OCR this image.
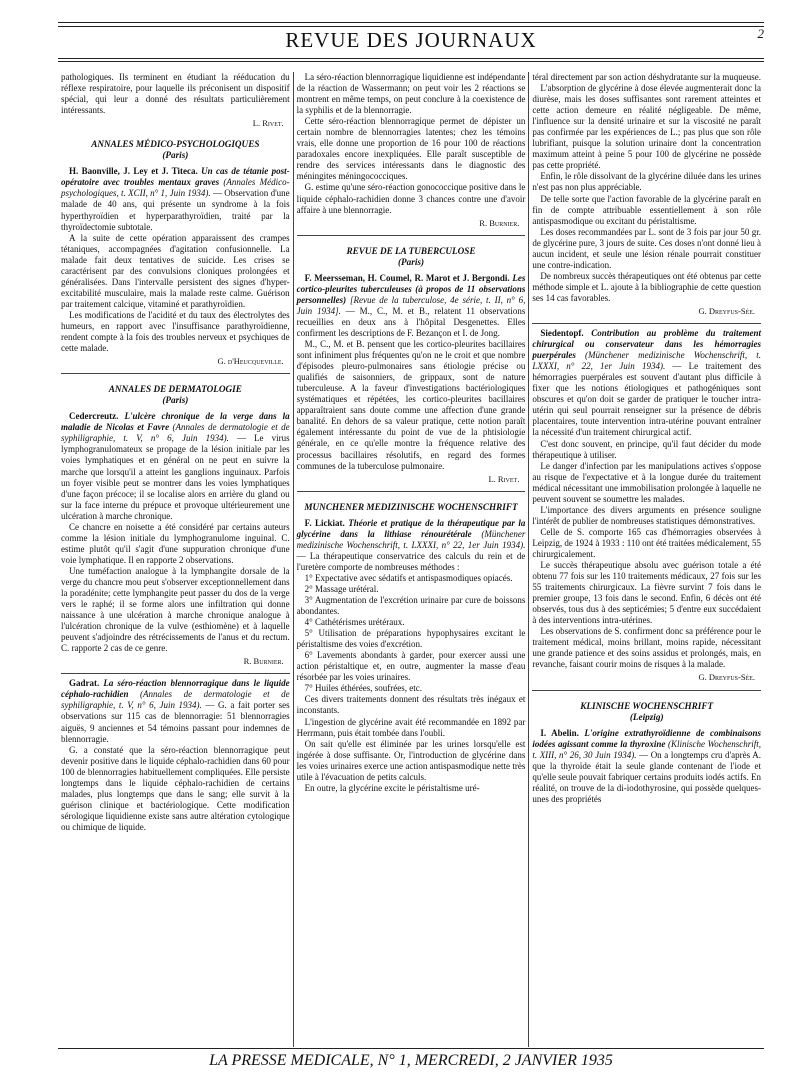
REVUE DES JOURNAUX	2

pathologiques. Ils terminent en étudiant la rééducation du réflexe respiratoire, pour laquelle ils préconisent un dispositif spécial, qui leur a donné des résultats particulièrement intéressants.

L. Rivet.

ANNALES MÉDICO-PSYCHOLOGIQUES
(Paris)

H. Baonville, J. Ley et J. Titeca. Un cas de tétanie post-opératoire avec troubles mentaux graves (Annales Médico-psychologiques, t. XCII, n° 1, Juin 1934). — Observation d'une malade de 40 ans, qui présente un syndrome à la fois hyperthyroïdien et hyperparathyroïdien, traité par la thyroïdectomie subtotale.

A la suite de cette opération apparaissent des crampes tétaniques, accompagnées d'agitation confusionnelle. La malade fait deux tentatives de suicide. Les crises se caractérisent par des convulsions cloniques prolongées et généralisées. Dans l'intervalle persistent des signes d'hyper-excitabilité musculaire, mais la malade reste calme. Guérison par traitement calcique, vitaminé et parathyroïdien.

Les modifications de l'acidité et du taux des électrolytes des humeurs, en rapport avec l'insuffisance parathyroïdienne, rendent compte à la fois des troubles nerveux et psychiques de cette malade.

G. d'Heucqueville.

ANNALES DE DERMATOLOGIE
(Paris)

Cedercreutz. L'ulcère chronique de la verge dans la maladie de Nicolas et Favre (Annales de dermatologie et de syphiligraphie, t. V, n° 6, Juin 1934). — Le virus lymphogranulomateux se propage de la lésion initiale par les voies lymphatiques et en général on ne peut en suivre la marche que lorsqu'il a atteint les ganglions inguinaux. Parfois un foyer visible peut se montrer dans les voies lymphatiques d'une façon précoce; il se localise alors en arrière du gland ou sur la face interne du prépuce et provoque ultérieurement une ulcération à marche chronique.

Ce chancre en noisette a été considéré par certains auteurs comme la lésion initiale du lymphogranulome inguinal. C. estime plutôt qu'il s'agit d'une suppuration chronique d'une voie lymphatique. Il en rapporte 2 observations.

Une tuméfaction analogue à la lymphangite dorsale de la verge du chancre mou peut s'observer exceptionnellement dans la poradénite; cette lymphangite peut passer du dos de la verge vers le raphé; il se forme alors une infiltration qui donne naissance à une ulcération à marche chronique analogue à l'ulcération chronique de la vulve (esthiomène) et à laquelle peuvent s'adjoindre des rétrécissements de l'anus et du rectum. C. rapporte 2 cas de ce genre.

R. Burnier.

Gadrat. La séro-réaction blennorragique dans le liquide céphalo-rachidien (Annales de dermatologie et de syphiligraphie, t. V, n° 6, Juin 1934). — G. a fait porter ses observations sur 115 cas de blennorragie: 51 blennorragies aiguës, 9 anciennes et 54 témoins passant pour indemnes de blennorragie.

G. a constaté que la séro-réaction blennorragique peut devenir positive dans le liquide céphalo-rachidien dans 60 pour 100 de blennorragies habituellement compliquées. Elle persiste longtemps dans le liquide céphalo-rachidien de certains malades, plus longtemps que dans le sang; elle survit à la guérison clinique et bactériologique. Cette modification sérologique liquidienne existe sans autre altération cytologique ou chimique de liquide.

La séro-réaction blennorragique liquidienne est indépendante de la réaction de Wassermann; on peut voir les 2 réactions se montrent en même temps, on peut conclure à la coexistence de la syphilis et de la blennorragie.

Cette séro-réaction blennorragique permet de dépister un certain nombre de blennorragies latentes; chez les témoins vrais, elle donne une proportion de 16 pour 100 de réactions paradoxales encore inexpliquées. Elle paraît susceptible de rendre des services intéressants dans le diagnostic des méningites méningococciques.

G. estime qu'une séro-réaction gonococcique positive dans le liquide céphalo-rachidien donne 3 chances contre une d'avoir affaire à une blennorragie.

R. Burnier.

REVUE DE LA TUBERCULOSE
(Paris)

F. Meersseman, H. Coumel, R. Marot et J. Bergondi. Les cortico-pleurites tuberculeuses (à propos de 11 observations personnelles) [Revue de la tuberculose, 4e série, t. II, n° 6, Juin 1934]. — M., C., M. et B., relatent 11 observations recueillies en deux ans à l'hôpital Desgenettes. Elles confirment les descriptions de F. Bezançon et I. de Jong.

M., C., M. et B. pensent que les cortico-pleurites bacillaires sont infiniment plus fréquentes qu'on ne le croit et que nombre d'épisodes pleuro-pulmonaires sans étiologie précise ou qualifiés de saisonniers, de grippaux, sont de nature tuberculeuse. A la faveur d'investigations bactériologiques systématiques et répétées, les cortico-pleurites bacillaires apparaîtraient sans doute comme une affection d'une grande banalité. En dehors de sa valeur pratique, cette notion paraît également intéressante du point de vue de la phtisiologie générale, en ce qu'elle montre la fréquence relative des processus bacillaires résolutifs, en regard des formes communes de la tuberculose pulmonaire.

L. Rivet.

MUNCHENER MEDIZINISCHE WOCHENSCHRIFT

F. Lickiat. Théorie et pratique de la thérapeutique par la glycérine dans la lithiase rénourétérale (Münchener medizinische Wochenschrift, t. LXXXI, n° 22, 1er Juin 1934). — La thérapeutique conservatrice des calculs du rein et de l'uretère comporte de nombreuses méthodes :

1° Expectative avec sédatifs et antispasmodiques opiacés.

2° Massage urétéral.

3° Augmentation de l'excrétion urinaire par cure de boissons abondantes.

4° Cathétérismes urétéraux.

5° Utilisation de préparations hypophysaires excitant le péristaltisme des voies d'excrétion.

6° Lavements abondants à garder, pour exercer aussi une action péristaltique et, en outre, augmenter la masse d'eau résorbée par les voies urinaires.

7° Huiles éthérées, soufrées, etc.

Ces divers traitements donnent des résultats très inégaux et inconstants.

L'ingestion de glycérine avait été recommandée en 1892 par Herrmann, puis était tombée dans l'oubli.

On sait qu'elle est éliminée par les urines lorsqu'elle est ingérée à dose suffisante. Or, l'introduction de glycérine dans les voies urinaires exerce une action antispasmodique nette très utile à l'évacuation de petits calculs.

En outre, la glycérine excite le péristaltisme uré-

téral directement par son action déshydratante sur la muqueuse.

L'absorption de glycérine à dose élevée augmenterait donc la diurèse, mais les doses suffisantes sont rarement atteintes et cette action demeure en réalité négligeable. De même, l'influence sur la densité urinaire et sur la viscosité ne paraît pas confirmée par les expériences de L.; pas plus que son rôle lubrifiant, puisque la solution urinaire dont la concentration maximum atteint à peine 5 pour 100 de glycérine ne possède pas cette propriété.

Enfin, le rôle dissolvant de la glycérine diluée dans les urines n'est pas non plus appréciable.

De telle sorte que l'action favorable de la glycérine paraît en fin de compte attribuable essentiellement à son rôle antispasmodique ou excitant du péristaltisme.

Les doses recommandées par L. sont de 3 fois par jour 50 gr. de glycérine pure, 3 jours de suite. Ces doses n'ont donné lieu à aucun incident, et seule une lésion rénale pourrait constituer une contre-indication.

De nombreux succès thérapeutiques ont été obtenus par cette méthode simple et L. ajoute à la bibliographie de cette question ses 14 cas favorables.

G. Dreyfus-Sée.

Siedentopf. Contribution au problème du traitement chirurgical ou conservateur dans les hémorragies puerpérales (Münchener medizinische Wochenschrift, t. LXXXI, n° 22, 1er Juin 1934). — Le traitement des hémorragies puerpérales est souvent d'autant plus difficile à fixer que les notions étiologiques et pathogéniques sont obscures et qu'on doit se garder de pratiquer le toucher intra-utérin qui seul pourrait renseigner sur la présence de débris placentaires, toute intervention intra-utérine pouvant entraîner la nécessité d'un traitement chirurgical actif.

C'est donc souvent, en principe, qu'il faut décider du mode thérapeutique à utiliser.

Le danger d'infection par les manipulations actives s'oppose au risque de l'expectative et à la longue durée du traitement médical nécessitant une immobilisation prolongée à laquelle ne peuvent souvent se soumettre les malades.

L'importance des divers arguments en présence souligne l'intérêt de publier de nombreuses statistiques démonstratives.

Celle de S. comporte 165 cas d'hémorragies observées à Leipzig, de 1924 à 1933 : 110 ont été traitées médicalement, 55 chirurgicalement.

Le succès thérapeutique absolu avec guérison totale a été obtenu 77 fois sur les 110 traitements médicaux, 27 fois sur les 55 traitements chirurgicaux. La fièvre survint 7 fois dans le premier groupe, 13 fois dans le second. Enfin, 6 décès ont été observés, tous dus à des septicémies; 5 d'entre eux succédaient à des interventions intra-utérines.

Les observations de S. confirment donc sa préférence pour le traitement médical, moins brillant, moins rapide, nécessitant une grande patience et des soins assidus et prolongés, mais, en revanche, faisant courir moins de risques à la malade.

G. Dreyfus-Sée.

KLINISCHE WOCHENSCHRIFT
(Leipzig)

I. Abelin. L'origine extrathyroïdienne de combinaisons iodées agissant comme la thyroxine (Klinische Wochenschrift, t. XIII, n° 26, 30 Juin 1934). — On a longtemps cru d'après A. que la thyroïde était la seule glande contenant de l'iode et qu'elle seule pouvait fabriquer certains produits iodés actifs. En réalité, on trouve de la di-iodothyrosine, qui possède quelques-unes des propriétés

LA PRESSE MEDICALE, N° 1, MERCREDI, 2 JANVIER 1935
